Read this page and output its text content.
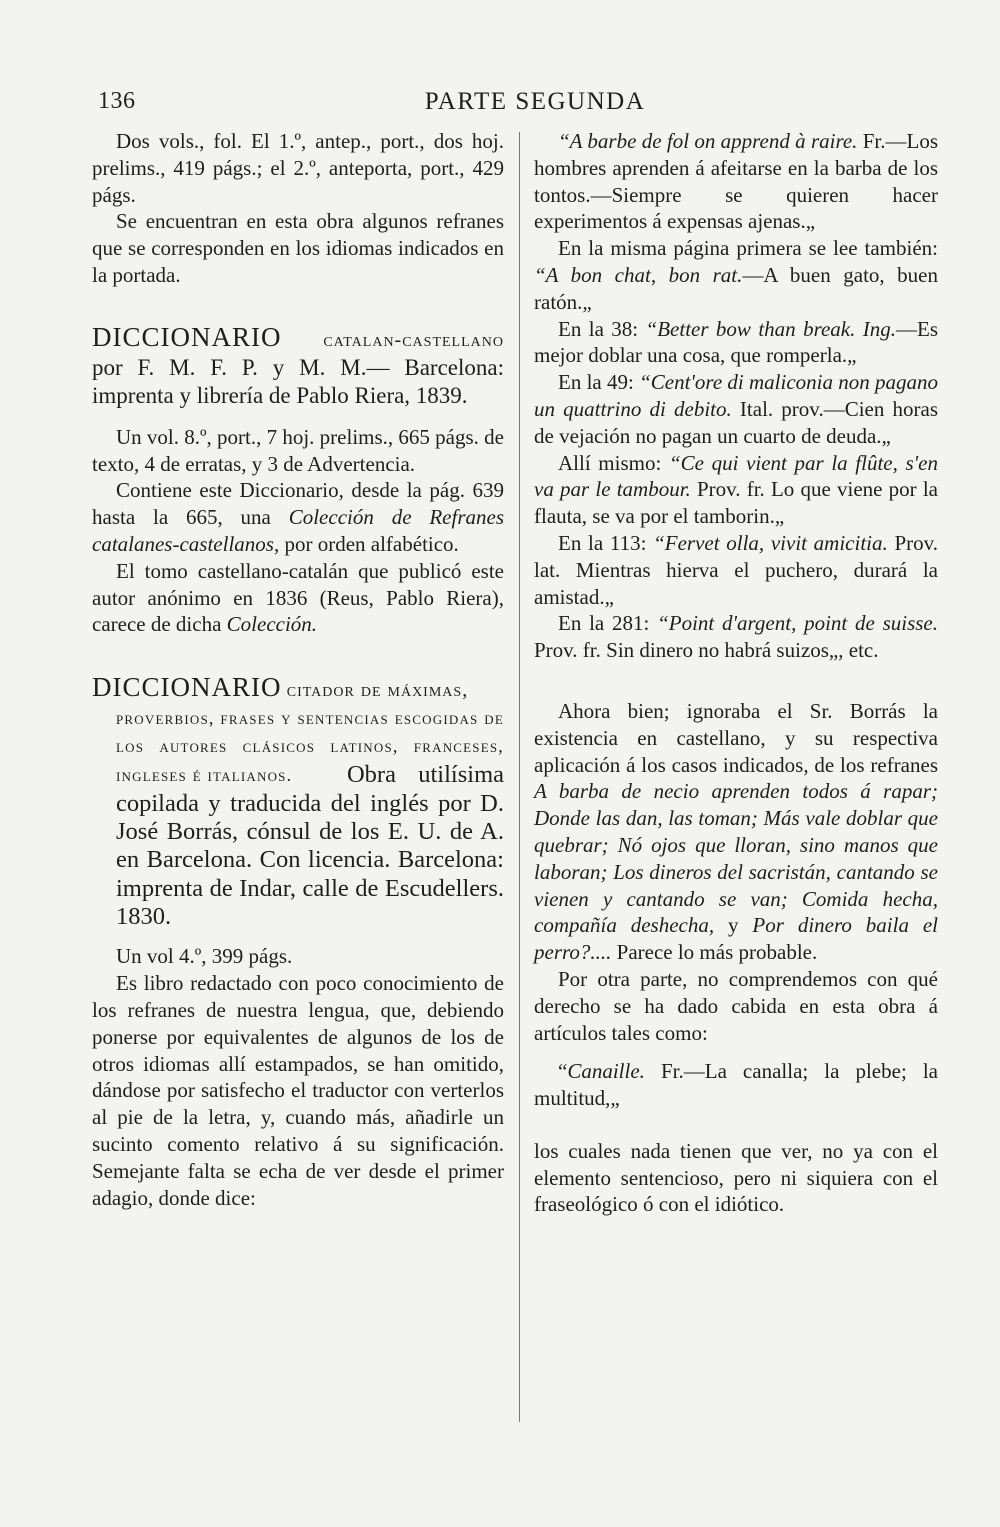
136	PARTE SEGUNDA

Dos vols., fol. El 1.º, antep., port., dos hoj. prelims., 419 págs.; el 2.º, anteporta, port., 429 págs.

Se encuentran en esta obra algunos refranes que se corresponden en los idiomas indicados en la portada.

DICCIONARIO catalan-castellano por F. M. F. P. y M. M.— Barcelona: imprenta y librería de Pablo Riera, 1839.

Un vol. 8.º, port., 7 hoj. prelims., 665 págs. de texto, 4 de erratas, y 3 de Advertencia.

Contiene este Diccionario, desde la pág. 639 hasta la 665, una Colección de Refranes catalanes-castellanos, por orden alfabético.

El tomo castellano-catalán que publicó este autor anónimo en 1836 (Reus, Pablo Riera), carece de dicha Colección.

DICCIONARIO citador de máximas,
proverbios, frases y sentencias escogidas de los autores clásicos latinos, franceses, ingleses é italianos.	Obra utilísima copilada y traducida del inglés por D. José Borrás, cónsul de los E. U. de A. en Barcelona. Con licencia. Barcelona: imprenta de Indar, calle de Escudellers. 1830.

Un vol 4.º, 399 págs.

Es libro redactado con poco conocimiento de los refranes de nuestra lengua, que, debiendo ponerse por equivalentes de algunos de los de otros idiomas allí estampados, se han omitido, dándose por satisfecho el traductor con verterlos al pie de la letra, y, cuando más, añadirle un sucinto comento relativo á su significación. Semejante falta se echa de ver desde el primer adagio, donde dice:

“A barbe de fol on apprend à raire. Fr.—Los hombres aprenden á afeitarse en la barba de los tontos.—Siempre se quieren hacer experimentos á expensas ajenas.„

En la misma página primera se lee también: “A bon chat, bon rat.—A buen gato, buen ratón.„

En la 38: “Better bow than break. Ing.—Es mejor doblar una cosa, que romperla.„

En la 49: “Cent'ore di maliconia non pagano un quattrino di debito. Ital. prov.—Cien horas de vejación no pagan un cuarto de deuda.„

Allí mismo: “Ce qui vient par la flûte, s'en va par le tambour. Prov. fr. Lo que viene por la flauta, se va por el tamborin.„

En la 113: “Fervet olla, vivit amicitia. Prov. lat. Mientras hierva el puchero, durará la amistad.„

En la 281: “Point d'argent, point de suisse. Prov. fr. Sin dinero no habrá suizos„, etc.

Ahora bien; ignoraba el Sr. Borrás la existencia en castellano, y su respectiva aplicación á los casos indicados, de los refranes A barba de necio aprenden todos á rapar; Donde las dan, las toman; Más vale doblar que quebrar; Nó ojos que lloran, sino manos que laboran; Los dineros del sacristán, cantando se vienen y cantando se van; Comida hecha, compañía deshecha, y Por dinero baila el perro?.... Parece lo más probable.

Por otra parte, no comprendemos con qué derecho se ha dado cabida en esta obra á artículos tales como:

“Canaille. Fr.—La canalla; la plebe; la multitud,„

los cuales nada tienen que ver, no ya con el elemento sentencioso, pero ni siquiera con el fraseológico ó con el idiótico.
